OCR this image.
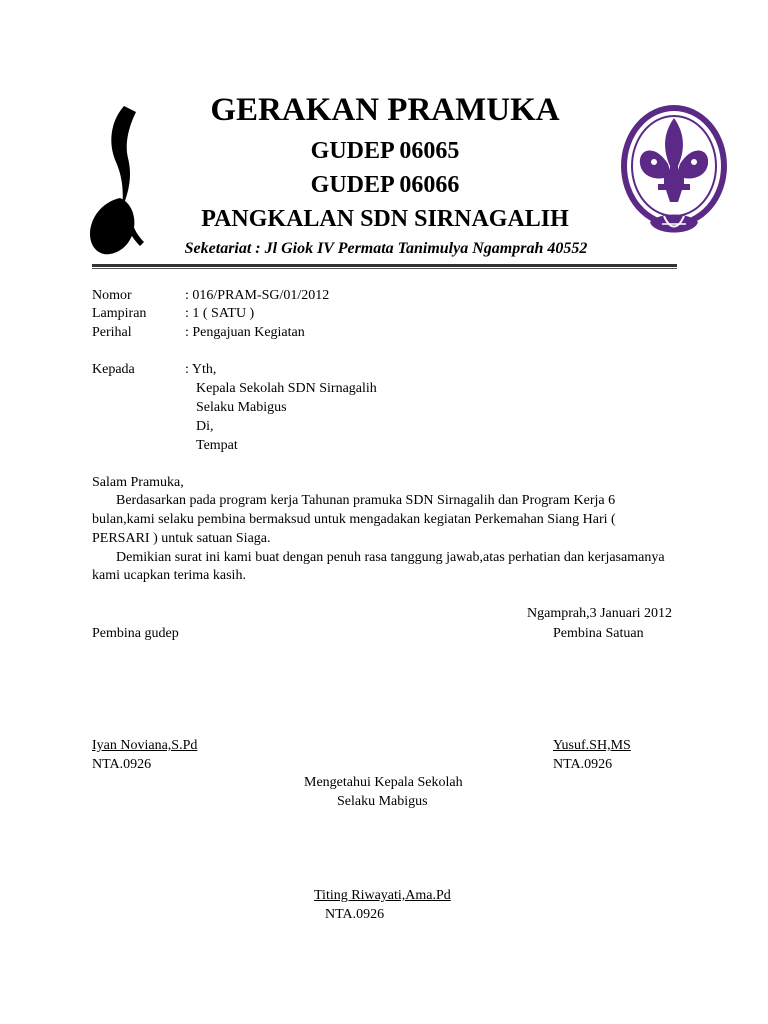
GERAKAN PRAMUKA
GUDEP 06065
GUDEP 06066
PANGKALAN SDN SIRNAGALIH
Seketariat : Jl Giok IV Permata Tanimulya Ngamprah 40552
Nomor	: 016/PRAM-SG/01/2012
Lampiran	: 1 ( SATU )
Perihal	: Pengajuan Kegiatan
Kepada	: Yth,
Kepala Sekolah SDN Sirnagalih
Selaku Mabigus
Di,
Tempat
Salam Pramuka,
Berdasarkan pada program kerja Tahunan pramuka SDN Sirnagalih dan Program Kerja 6
bulan,kami selaku pembina bermaksud untuk mengadakan kegiatan Perkemahan Siang Hari (
PERSARI ) untuk satuan Siaga.
Demikian surat ini kami buat dengan penuh rasa tanggung jawab,atas perhatian dan kerjasamanya
kami ucapkan terima kasih.
Ngamprah,3 Januari 2012
Pembina gudep	Pembina Satuan
Iyan Noviana,S.Pd
NTA.0926
Yusuf.SH,MS
NTA.0926
Mengetahui Kepala Sekolah
Selaku Mabigus
Titing Riwayati,Ama.Pd
NTA.0926
